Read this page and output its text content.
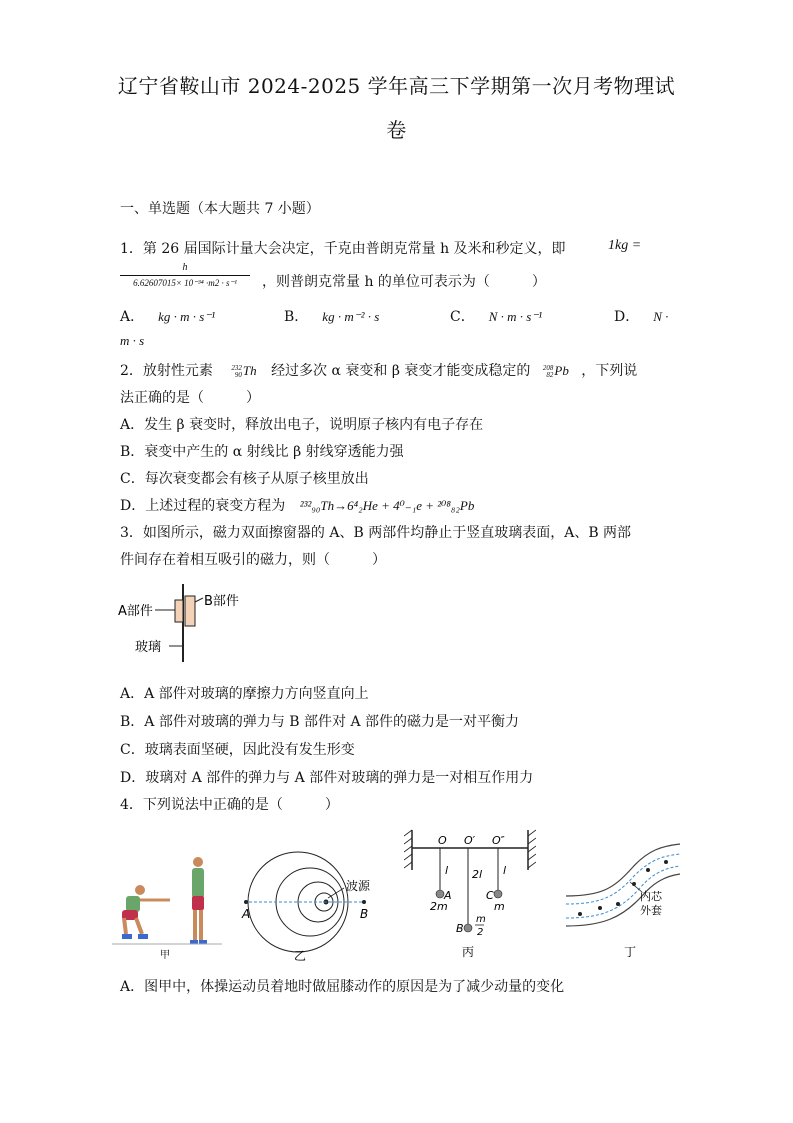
辽宁省鞍山市 2024-2025 学年高三下学期第一次月考物理试
卷
一、单选题（本大题共 7 小题）
1．第 26 届国际计量大会决定，千克由普朗克常量 h 及米和秒定义，即	1kg =
h
6.62607015× 10⁻³⁴ ·m2 · s⁻¹	，则普朗克常量 h 的单位可表示为（　　　）
A． kg · m · s⁻¹	B． kg · m⁻² · s	C． N · m · s⁻¹	D． N ·
m · s
2．放射性元素	232
90Th 经过多次 α 衰变和 β 衰变才能变成稳定的 208
82Pb ，下列说
法正确的是（　　　）
A．发生 β 衰变时，释放出电子，说明原子核内有电子存在
B．衰变中产生的 α 射线比 β 射线穿透能力强
C．每次衰变都会有核子从原子核里放出
D．上述过程的衰变方程为 ²³²₉₀Th→6⁴₂He + 4⁰₋₁e + ²⁰⁸₈₂Pb
3．如图所示，磁力双面擦窗器的 A、B 两部件均静止于竖直玻璃表面，A、B 两部
件间存在着相互吸引的磁力，则（　　　）
A部件
B部件
玻璃
A．A 部件对玻璃的摩擦力方向竖直向上
B．A 部件对玻璃的弹力与 B 部件对 A 部件的磁力是一对平衡力
C．玻璃表面坚硬，因此没有发生形变
D．玻璃对 A 部件的弹力与 A 部件对玻璃的弹力是一对相互作用力
4．下列说法中正确的是（　　　）
甲
波源
A	B
乙
O O′ O″
l 2l l
A
2m
C
m
B
m
2
丙
内芯
外套
丁
A．图甲中，体操运动员着地时做屈膝动作的原因是为了减少动量的变化
